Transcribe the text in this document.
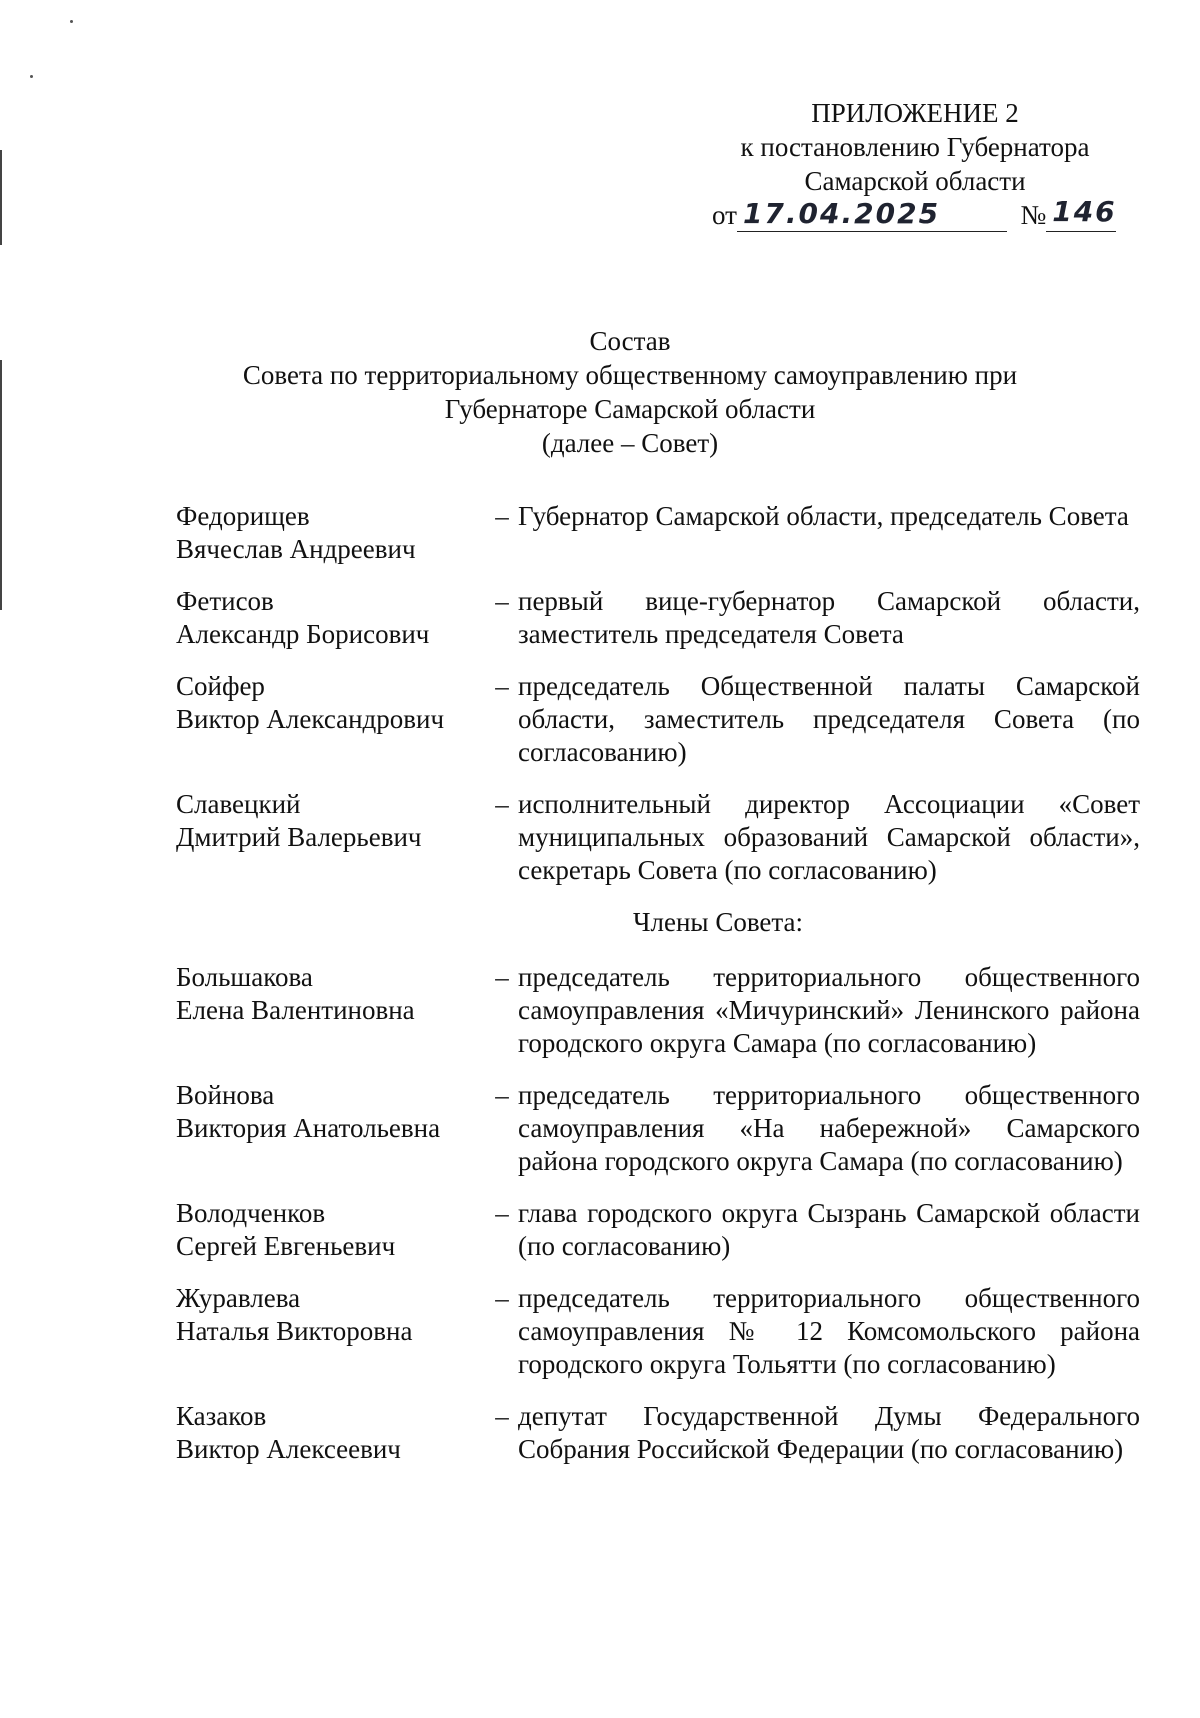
ПРИЛОЖЕНИЕ 2
к постановлению Губернатора
Самарской области
от 17.04.2025	№ 146
Состав
Совета по территориальному общественному самоуправлению при
Губернаторе Самарской области
(далее – Совет)
Федорищев
Вячеслав Андреевич
– Губернатор Самарской области, председатель Совета
Фетисов
Александр Борисович
– первый вице-губернатор Самарской области, заместитель председателя Совета
Сойфер
Виктор Александрович
– председатель Общественной палаты Самарской области, заместитель председателя Совета (по согласованию)
Славецкий
Дмитрий Валерьевич
– исполнительный директор Ассоциации «Совет муниципальных образований Самарской области», секретарь Совета (по согласованию)
Члены Совета:
Большакова
Елена Валентиновна
– председатель территориального общественного самоуправления «Мичуринский» Ленинского района городского округа Самара (по согласованию)
Войнова
Виктория Анатольевна
– председатель территориального общественного самоуправления «На набережной» Самарского района городского округа Самара (по согласованию)
Володченков
Сергей Евгеньевич
– глава городского округа Сызрань Самарской области (по согласованию)
Журавлева
Наталья Викторовна
– председатель территориального общественного самоуправления № 12 Комсомольского района городского округа Тольятти (по согласованию)
Казаков
Виктор Алексеевич
– депутат Государственной Думы Федерального Собрания Российской Федерации (по согласованию)
